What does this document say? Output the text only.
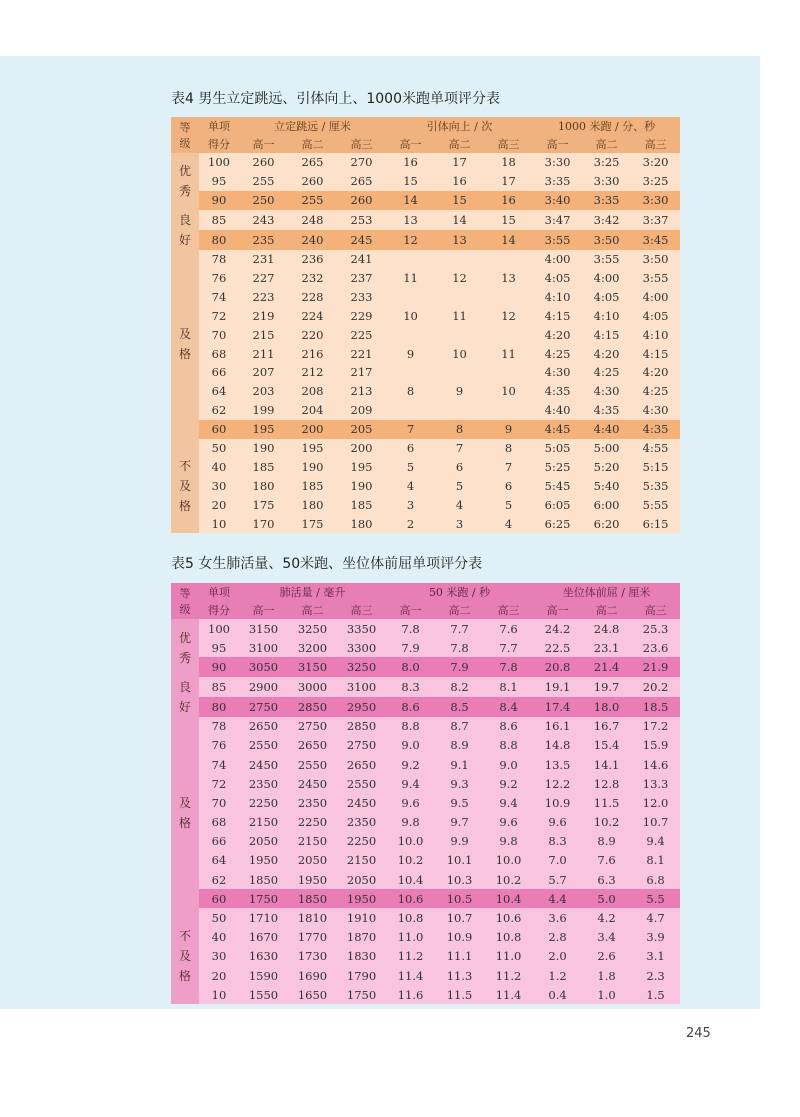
表4 男生立定跳远、引体向上、1000米跑单项评分表
等
级	单项	立定跳远 / 厘米			引体向上 / 次			1000 米跑 / 分、秒		
	得分	高一	高二	高三	高一	高二	高三	高一	高二	高三

优
秀	100	260	265	270	16	17	18	3:30	3:25	3:20
	95	255	260	265	15	16	17	3:35	3:30	3:25
	90	250	255	260	14	15	16	3:40	3:35	3:30

良
好	85	243	248	253	13	14	15	3:47	3:42	3:37
	80	235	240	245	12	13	14	3:55	3:50	3:45

及
格	78	231	236	241				4:00	3:55	3:50
	76	227	232	237	11	12	13	4:05	4:00	3:55
	74	223	228	233				4:10	4:05	4:00
	72	219	224	229	10	11	12	4:15	4:10	4:05
	70	215	220	225				4:20	4:15	4:10
	68	211	216	221	9	10	11	4:25	4:20	4:15
	66	207	212	217				4:30	4:25	4:20
	64	203	208	213	8	9	10	4:35	4:30	4:25
	62	199	204	209				4:40	4:35	4:30
	60	195	200	205	7	8	9	4:45	4:40	4:35

不
及
格	50	190	195	200	6	7	8	5:05	5:00	4:55
	40	185	190	195	5	6	7	5:25	5:20	5:15
	30	180	185	190	4	5	6	5:45	5:40	5:35
	20	175	180	185	3	4	5	6:05	6:00	5:55
	10	170	175	180	2	3	4	6:25	6:20	6:15
表5 女生肺活量、50米跑、坐位体前屈单项评分表
等
级	单项	肺活量 / 毫升			50 米跑 / 秒			坐位体前屈 / 厘米		
	得分	高一	高二	高三	高一	高二	高三	高一	高二	高三

优
秀	100	3150	3250	3350	7.8	7.7	7.6	24.2	24.8	25.3
	95	3100	3200	3300	7.9	7.8	7.7	22.5	23.1	23.6
	90	3050	3150	3250	8.0	7.9	7.8	20.8	21.4	21.9

良
好	85	2900	3000	3100	8.3	8.2	8.1	19.1	19.7	20.2
	80	2750	2850	2950	8.6	8.5	8.4	17.4	18.0	18.5

及
格	78	2650	2750	2850	8.8	8.7	8.6	16.1	16.7	17.2
	76	2550	2650	2750	9.0	8.9	8.8	14.8	15.4	15.9
	74	2450	2550	2650	9.2	9.1	9.0	13.5	14.1	14.6
	72	2350	2450	2550	9.4	9.3	9.2	12.2	12.8	13.3
	70	2250	2350	2450	9.6	9.5	9.4	10.9	11.5	12.0
	68	2150	2250	2350	9.8	9.7	9.6	9.6	10.2	10.7
	66	2050	2150	2250	10.0	9.9	9.8	8.3	8.9	9.4
	64	1950	2050	2150	10.2	10.1	10.0	7.0	7.6	8.1
	62	1850	1950	2050	10.4	10.3	10.2	5.7	6.3	6.8
	60	1750	1850	1950	10.6	10.5	10.4	4.4	5.0	5.5

不
及
格	50	1710	1810	1910	10.8	10.7	10.6	3.6	4.2	4.7
	40	1670	1770	1870	11.0	10.9	10.8	2.8	3.4	3.9
	30	1630	1730	1830	11.2	11.1	11.0	2.0	2.6	3.1
	20	1590	1690	1790	11.4	11.3	11.2	1.2	1.8	2.3
	10	1550	1650	1750	11.6	11.5	11.4	0.4	1.0	1.5
245
